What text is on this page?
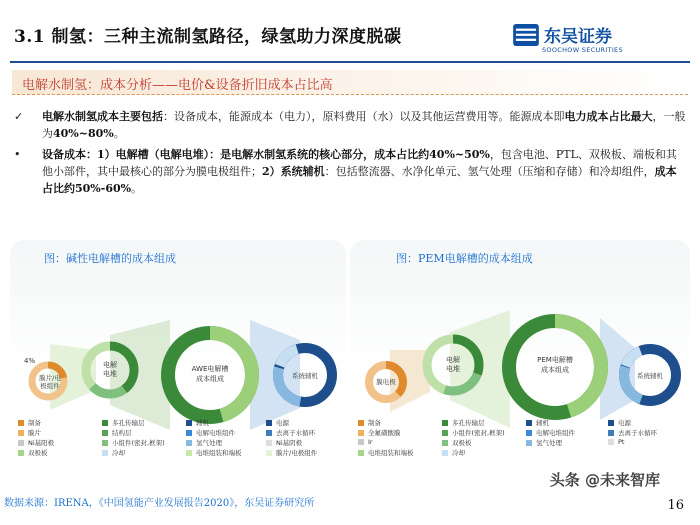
3.1 制氢：三种主流制氢路径，绿氢助力深度脱碳	东吴证券
SOOCHOW SECURITIES
电解水制氢：成本分析——电价&设备折旧成本占比高
✓	电解水制氢成本主要包括：设备成本，能源成本（电力），原料费用（水）以及其他运营费用等。能源成本即电力成本占比最大，一般为40%~80%。
•	设备成本：1）电解槽（电解电堆）：是电解水制氢系统的核心部分，成本占比约40%~50%，包含电池、PTL、双极板、端板和其他小部件，其中最核心的部分为膜电极组件；2）系统辅机：包括整流器、水净化单元、氢气处理（压缩和存储）和冷却组件，成本占比约50%-60%。
图：碱性电解槽的成本组成
4%
5%
膜片/电
极组件
电解
电堆
AWE电解槽
成本组成	系统辅机
制备	多孔传输层	辅机	电源
膜片	结构层	电解电堆组件	去离子水循环
Ni基阳极	小组件(密封,框架)	氢气处理	Ni基阴极
双极板	冷却	电堆组装和端板	膜片/电极组件
图：PEM电解槽的成本组成
膜电极
电解
电堆
PEM电解槽
成本组成
系统辅机
制备	多孔传输层	辅机	电源
全氟磺酸膜	小组件(密封,框架)	电解电堆组件	去离子水循环
Ir	双极板	氢气处理	Pt
电堆组装和端板	冷却
数据来源：IRENA，《中国氢能产业发展报告2020》，东吴证券研究所
头条 @未来智库
16
